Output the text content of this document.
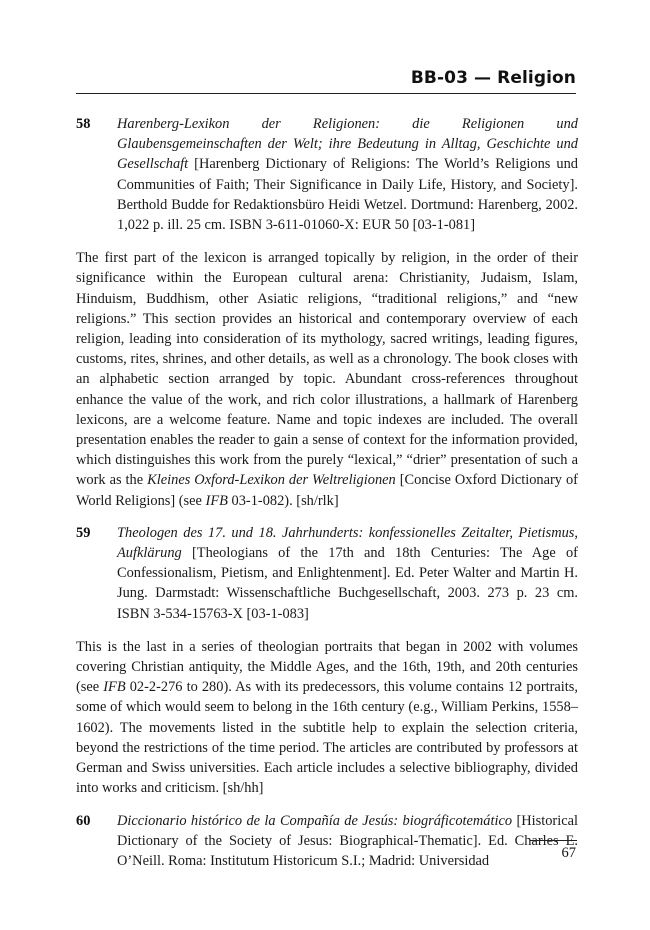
BB-03 — Religion
58 Harenberg-Lexikon der Religionen: die Religionen und Glaubensgemeinschaften der Welt; ihre Bedeutung in Alltag, Geschichte und Gesellschaft [Harenberg Dictionary of Religions: The World’s Religions und Communities of Faith; Their Significance in Daily Life, History, and Society]. Berthold Budde for Redaktionsbüro Heidi Wetzel. Dortmund: Harenberg, 2002. 1,022 p. ill. 25 cm. ISBN 3-611-01060-X: EUR 50 [03-1-081]

The first part of the lexicon is arranged topically by religion, in the order of their significance within the European cultural arena: Christianity, Judaism, Islam, Hinduism, Buddhism, other Asiatic religions, “traditional religions,” and “new religions.” This section provides an historical and contemporary overview of each religion, leading into consideration of its mythology, sacred writings, leading figures, customs, rites, shrines, and other details, as well as a chronology. The book closes with an alphabetic section arranged by topic. Abundant cross-references throughout enhance the value of the work, and rich color illustrations, a hallmark of Harenberg lexicons, are a welcome feature. Name and topic indexes are included. The overall presentation enables the reader to gain a sense of context for the information provided, which distinguishes this work from the purely “lexical,” “drier” presentation of such a work as the Kleines Oxford-Lexikon der Weltreligionen [Concise Oxford Dictionary of World Religions] (see IFB 03-1-082). [sh/rlk]

59 Theologen des 17. und 18. Jahrhunderts: konfessionelles Zeitalter, Pietismus, Aufklärung [Theologians of the 17th and 18th Centuries: The Age of Confessionalism, Pietism, and Enlightenment]. Ed. Peter Walter and Martin H. Jung. Darmstadt: Wissenschaftliche Buchgesellschaft, 2003. 273 p. 23 cm. ISBN 3-534-15763-X [03-1-083]

This is the last in a series of theologian portraits that began in 2002 with volumes covering Christian antiquity, the Middle Ages, and the 16th, 19th, and 20th centuries (see IFB 02-2-276 to 280). As with its predecessors, this volume contains 12 portraits, some of which would seem to belong in the 16th century (e.g., William Perkins, 1558–1602). The movements listed in the subtitle help to explain the selection criteria, beyond the restrictions of the time period. The articles are contributed by professors at German and Swiss universities. Each article includes a selective bibliography, divided into works and criticism. [sh/hh]

60 Diccionario histórico de la Compañía de Jesús: biográficotemático [Historical Dictionary of the Society of Jesus: Biographical-Thematic]. Ed. Charles E. O’Neill. Roma: Institutum Historicum S.I.; Madrid: Universidad	67
